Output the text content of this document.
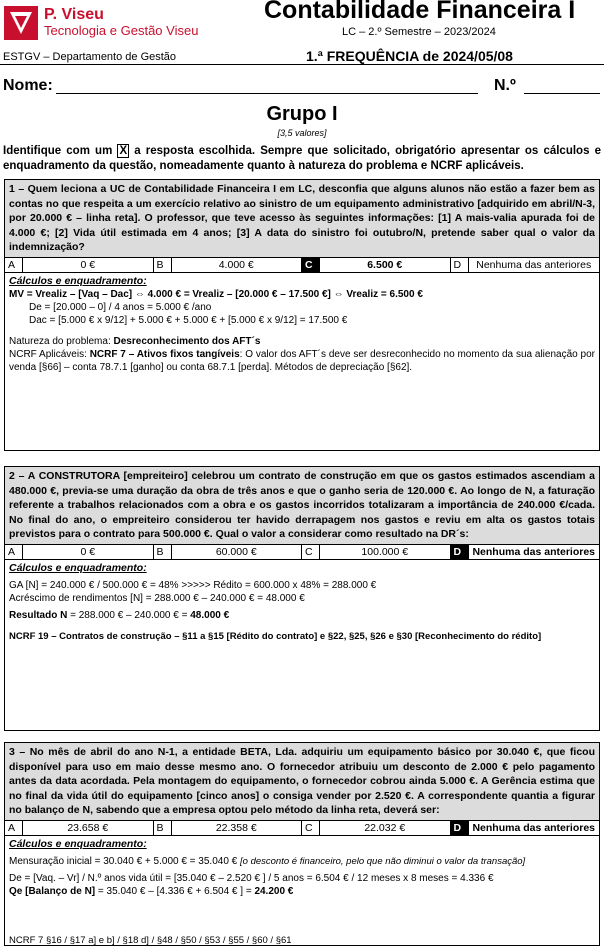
P. Viseu
Tecnologia e Gestão Viseu
Contabilidade Financeira I
LC – 2.º Semestre – 2023/2024
ESTGV – Departamento de Gestão	1.ª FREQUÊNCIA de 2024/05/08
Nome:	N.º
Grupo I
[3,5 valores]
Identifique com um X a resposta escolhida. Sempre que solicitado, obrigatório apresentar os cálculos e enquadramento da questão, nomeadamente quanto à natureza do problema e NCRF aplicáveis.
1 – Quem leciona a UC de Contabilidade Financeira I em LC, desconfia que alguns alunos não estão a fazer bem as contas no que respeita a um exercício relativo ao sinistro de um equipamento administrativo [adquirido em abril/N-3, por 20.000 € – linha reta]. O professor, que teve acesso às seguintes informações: [1] A mais-valia apurada foi de 4.000 €; [2] Vida útil estimada em 4 anos; [3] A data do sinistro foi outubro/N, pretende saber qual o valor da indemnização?
A	0 €	B	4.000 €	C	6.500 €	D	Nenhuma das anteriores
Cálculos e enquadramento:
MV = Vrealiz – [Vaq – Dac] ⇔ 4.000 € = Vrealiz – [20.000 € – 17.500 €] ⇔ Vrealiz = 6.500 €
De = [20.000 – 0] / 4 anos = 5.000 € /ano
Dac = [5.000 € x 9/12] + 5.000 € + 5.000 € + [5.000 € x 9/12] = 17.500 €
Natureza do problema: Desreconhecimento dos AFT´s
NCRF Aplicáveis: NCRF 7 – Ativos fixos tangíveis: O valor dos AFT´s deve ser desreconhecido no momento da sua alienação por venda [§66] – conta 78.7.1 [ganho] ou conta 68.7.1 [perda]. Métodos de depreciação [§62].
2 – A CONSTRUTORA [empreiteiro] celebrou um contrato de construção em que os gastos estimados ascendiam a 480.000 €, previa-se uma duração da obra de três anos e que o ganho seria de 120.000 €. Ao longo de N, a faturação referente a trabalhos relacionados com a obra e os gastos incorridos totalizaram a importância de 240.000 €/cada. No final do ano, o empreiteiro considerou ter havido derrapagem nos gastos e reviu em alta os gastos totais previstos para o contrato para 500.000 €. Qual o valor a considerar como resultado na DR´s:
A	0 €	B	60.000 €	C	100.000 €	D	Nenhuma das anteriores
Cálculos e enquadramento:
GA [N] = 240.000 € / 500.000 € = 48% >>>>> Rédito = 600.000 x 48% = 288.000 €
Acréscimo de rendimentos [N] = 288.000 € – 240.000 € = 48.000 €
Resultado N = 288.000 € – 240.000 € = 48.000 €
NCRF 19 – Contratos de construção – §11 a §15 [Rédito do contrato] e §22, §25, §26 e §30 [Reconhecimento do rédito]
3 – No mês de abril do ano N-1, a entidade BETA, Lda. adquiriu um equipamento básico por 30.040 €, que ficou disponível para uso em maio desse mesmo ano. O fornecedor atribuiu um desconto de 2.000 € pelo pagamento antes da data acordada. Pela montagem do equipamento, o fornecedor cobrou ainda 5.000 €. A Gerência estima que no final da vida útil do equipamento [cinco anos] o consiga vender por 2.520 €. A correspondente quantia a figurar no balanço de N, sabendo que a empresa optou pelo método da linha reta, deverá ser:
A	23.658 €	B	22.358 €	C	22.032 €	D	Nenhuma das anteriores
Cálculos e enquadramento:
Mensuração inicial = 30.040 € + 5.000 € = 35.040 € [o desconto é financeiro, pelo que não diminui o valor da transação]
De = [Vaq. – Vr] / N.º anos vida útil = [35.040 € – 2.520 € ] / 5 anos = 6.504 € / 12 meses x 8 meses = 4.336 €
Qe [Balanço de N] = 35.040 € – [4.336 € + 6.504 € ] = 24.200 €
NCRF 7 §16 / §17 a] e b] / §18 d] / §48 / §50 / §53 / §55 / §60 / §61
